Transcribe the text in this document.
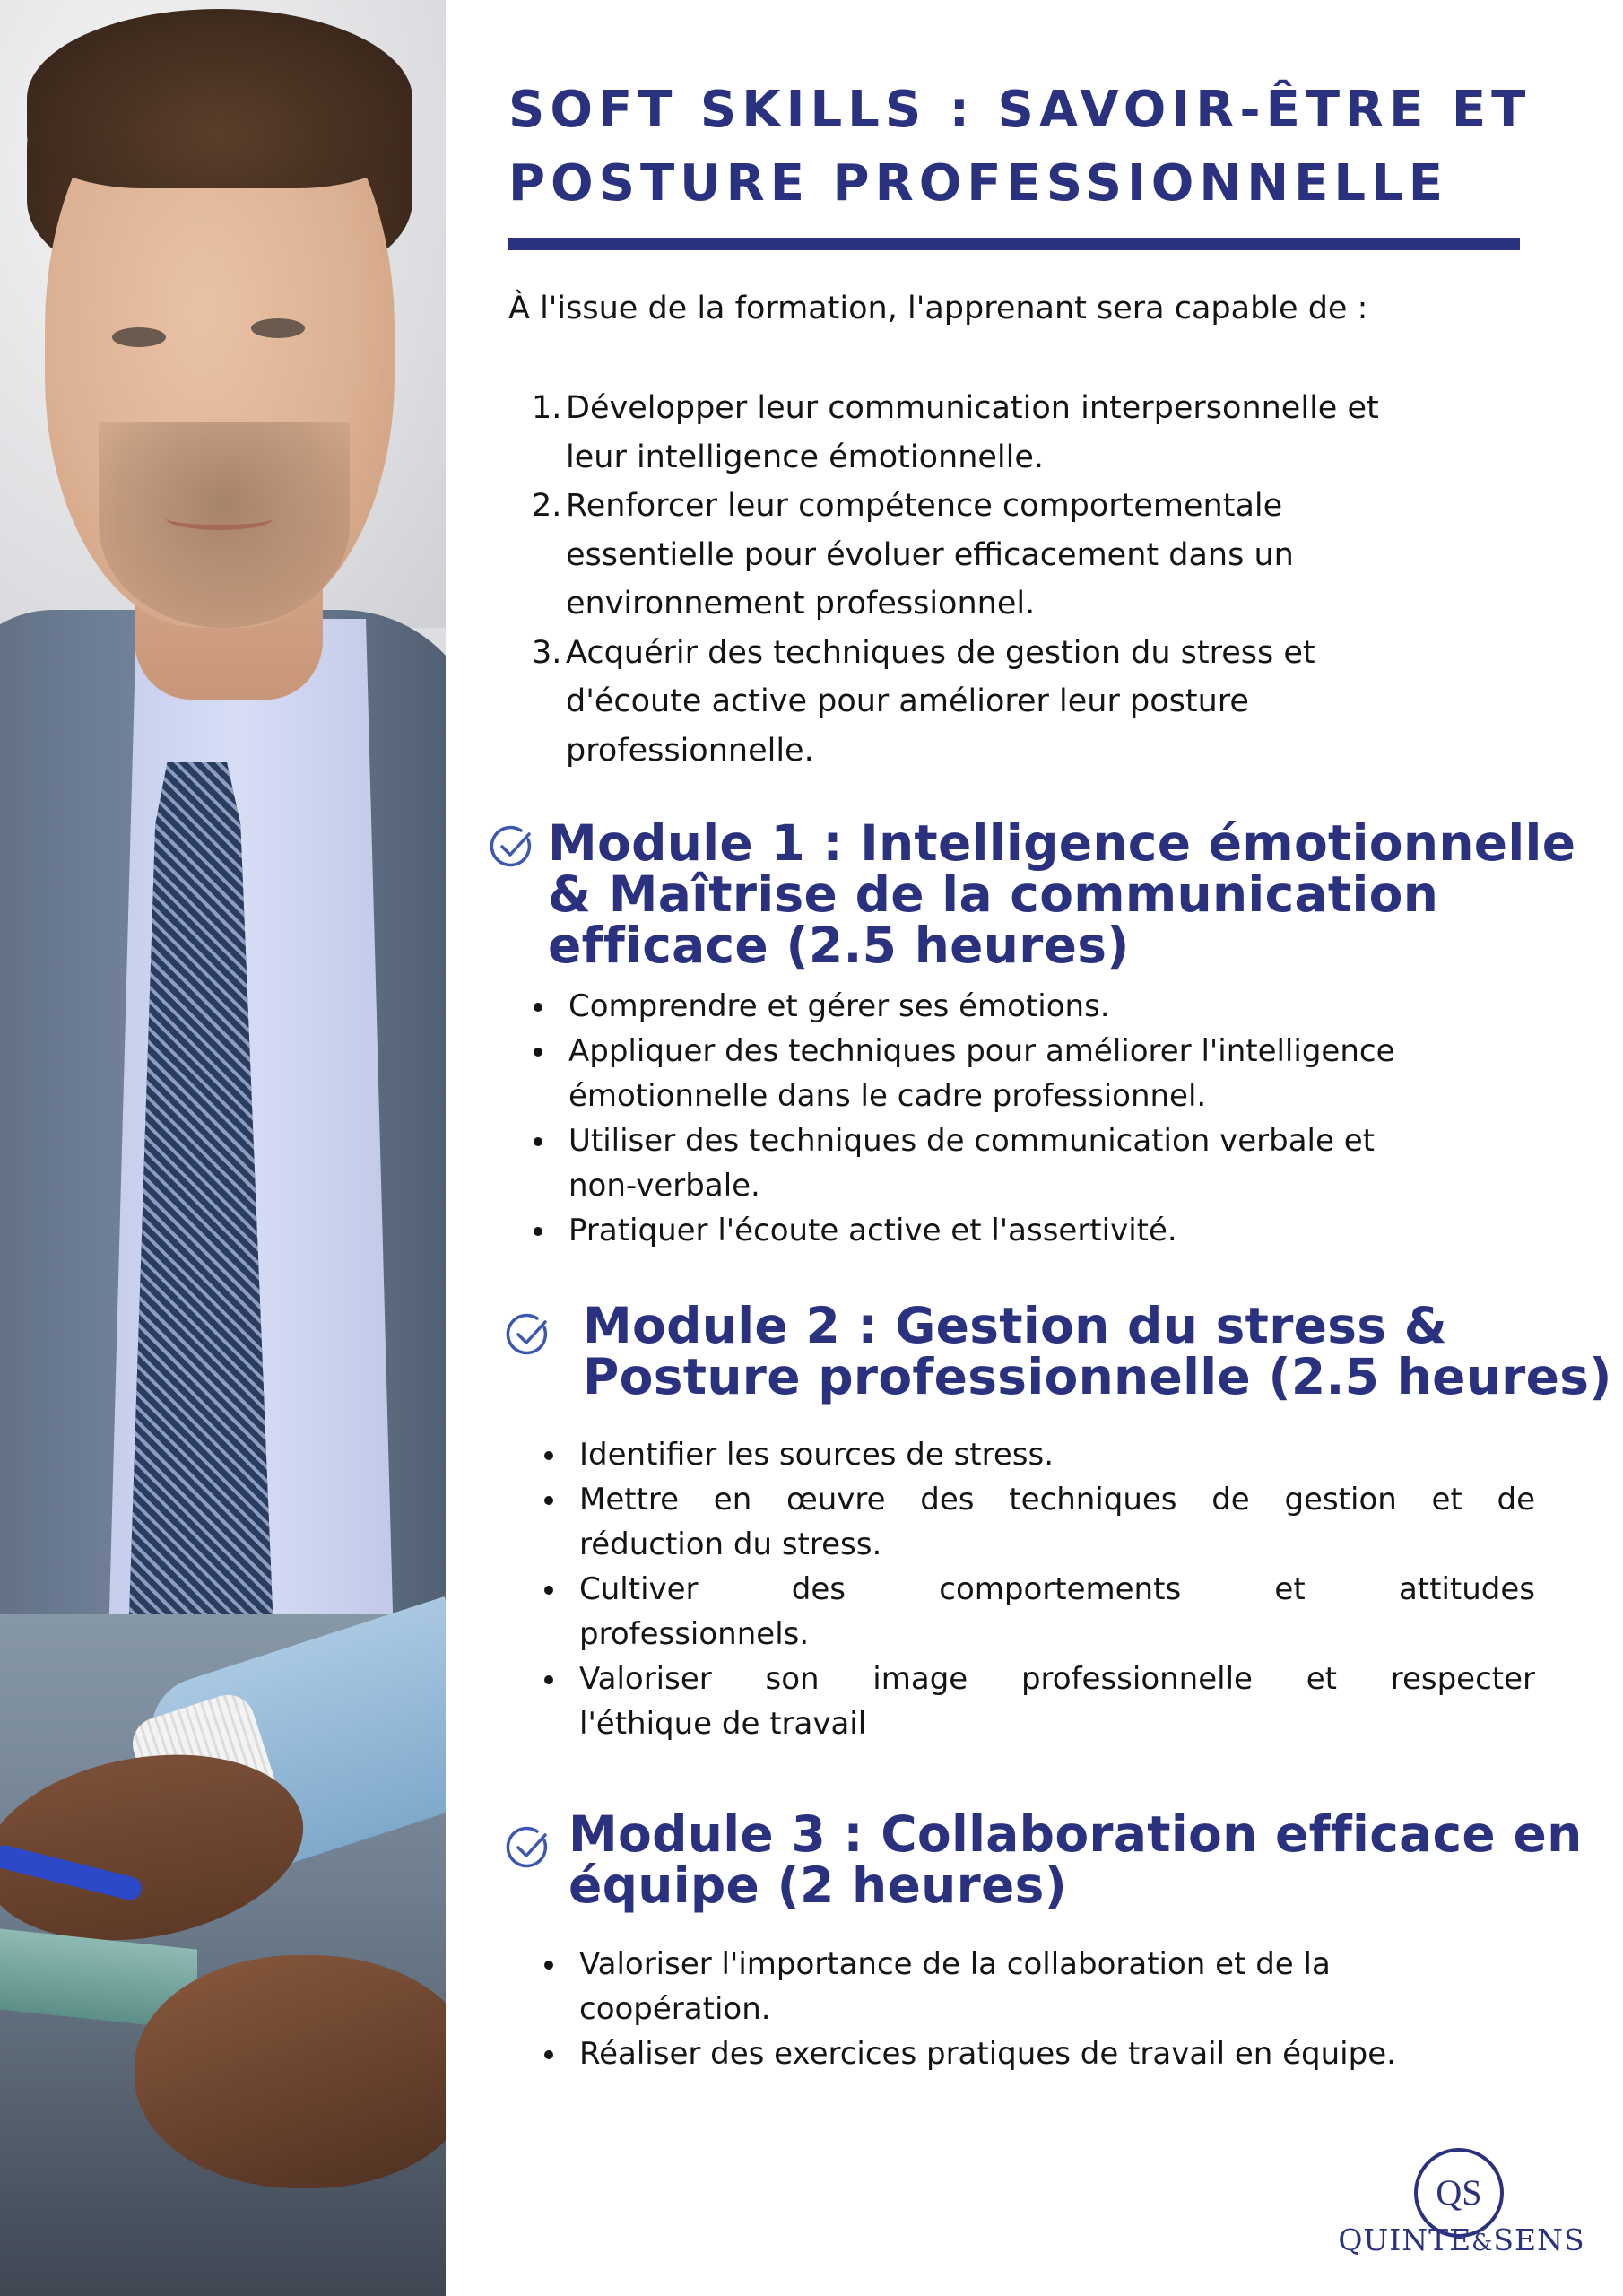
SOFT SKILLS : SAVOIR-ÊTRE ET
POSTURE PROFESSIONNELLE

À l'issue de la formation, l'apprenant sera capable de :

1. Développer leur communication interpersonnelle et
leur intelligence émotionnelle.
2. Renforcer leur compétence comportementale
essentielle pour évoluer efficacement dans un
environnement professionnel.
3. Acquérir des techniques de gestion du stress et
d'écoute active pour améliorer leur posture
professionnelle.
Module 1 : Intelligence émotionnelle
& Maîtrise de la communication
efficace (2.5 heures)
Comprendre et gérer ses émotions.
Appliquer des techniques pour améliorer l'intelligence
émotionnelle dans le cadre professionnel.
Utiliser des techniques de communication verbale et
non-verbale.
Pratiquer l'écoute active et l'assertivité.
Module 2 : Gestion du stress &
Posture professionnelle (2.5 heures)
Identifier les sources de stress.
Mettre en œuvre des techniques de gestion et de
réduction du stress.
Cultiver des comportements et attitudes
professionnels.
Valoriser son image professionnelle et respecter
l'éthique de travail
Module 3 : Collaboration efficace en
équipe (2 heures)
Valoriser l'importance de la collaboration et de la
coopération.
Réaliser des exercices pratiques de travail en équipe.
QS

QUINTE&SENS
